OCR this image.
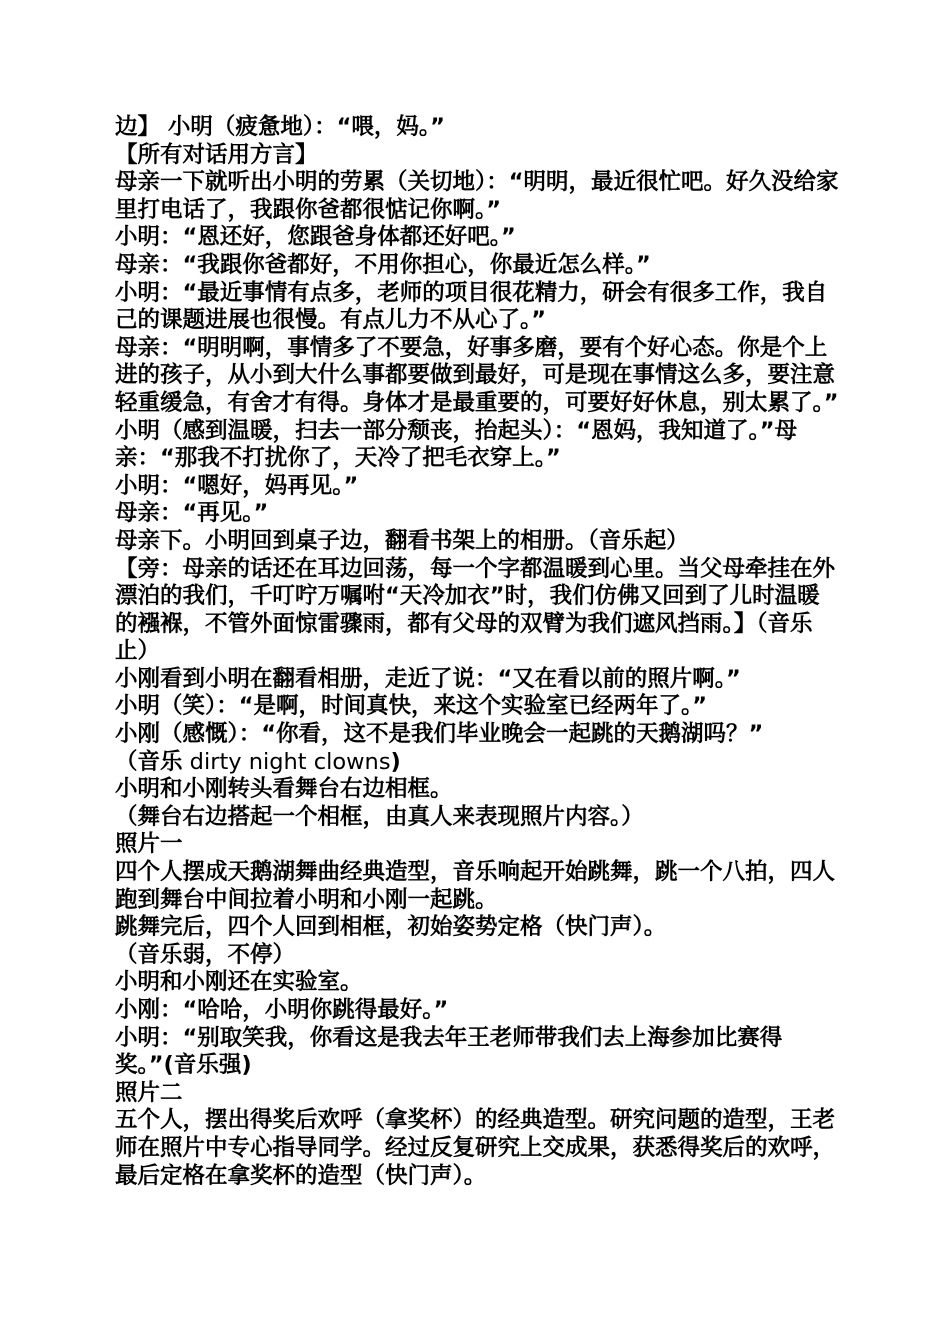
边】 小明（疲惫地）：“喂，妈。”

【所有对话用方言】

母亲一下就听出小明的劳累（关切地）：“明明，最近很忙吧。好久没给家里打电话了，我跟你爸都很惦记你啊。”

小明：“恩还好，您跟爸身体都还好吧。”

母亲：“我跟你爸都好，不用你担心，你最近怎么样。”

小明：“最近事情有点多，老师的项目很花精力，研会有很多工作，我自己的课题进展也很慢。有点儿力不从心了。”

母亲：“明明啊，事情多了不要急，好事多磨，要有个好心态。你是个上进的孩子，从小到大什么事都要做到最好，可是现在事情这么多，要注意轻重缓急，有舍才有得。身体才是最重要的，可要好好休息，别太累了。”

小明（感到温暖，扫去一部分颓丧，抬起头）：“恩妈，我知道了。”母亲：“那我不打扰你了，天冷了把毛衣穿上。”

小明：“嗯好，妈再见。”

母亲：“再见。”

母亲下。小明回到桌子边，翻看书架上的相册。（音乐起）

【旁：母亲的话还在耳边回荡，每一个字都温暖到心里。当父母牵挂在外漂泊的我们，千叮咛万嘱咐“天冷加衣”时，我们仿佛又回到了儿时温暖的襁褓，不管外面惊雷骤雨，都有父母的双臂为我们遮风挡雨。】（音乐止）

小刚看到小明在翻看相册，走近了说：“又在看以前的照片啊。”

小明（笑）：“是啊，时间真快，来这个实验室已经两年了。”

小刚（感慨）：“你看，这不是我们毕业晚会一起跳的天鹅湖吗？”

（音乐 dirty night clowns)

小明和小刚转头看舞台右边相框。

（舞台右边搭起一个相框，由真人来表现照片内容。）

照片一

四个人摆成天鹅湖舞曲经典造型，音乐响起开始跳舞，跳一个八拍，四人跑到舞台中间拉着小明和小刚一起跳。

跳舞完后，四个人回到相框，初始姿势定格（快门声）。

（音乐弱，不停）

小明和小刚还在实验室。

小刚：“哈哈，小明你跳得最好。”

小明：“别取笑我，你看这是我去年王老师带我们去上海参加比赛得奖。”(音乐强)

照片二

五个人，摆出得奖后欢呼（拿奖杯）的经典造型。研究问题的造型，王老师在照片中专心指导同学。经过反复研究上交成果，获悉得奖后的欢呼，最后定格在拿奖杯的造型（快门声）。
